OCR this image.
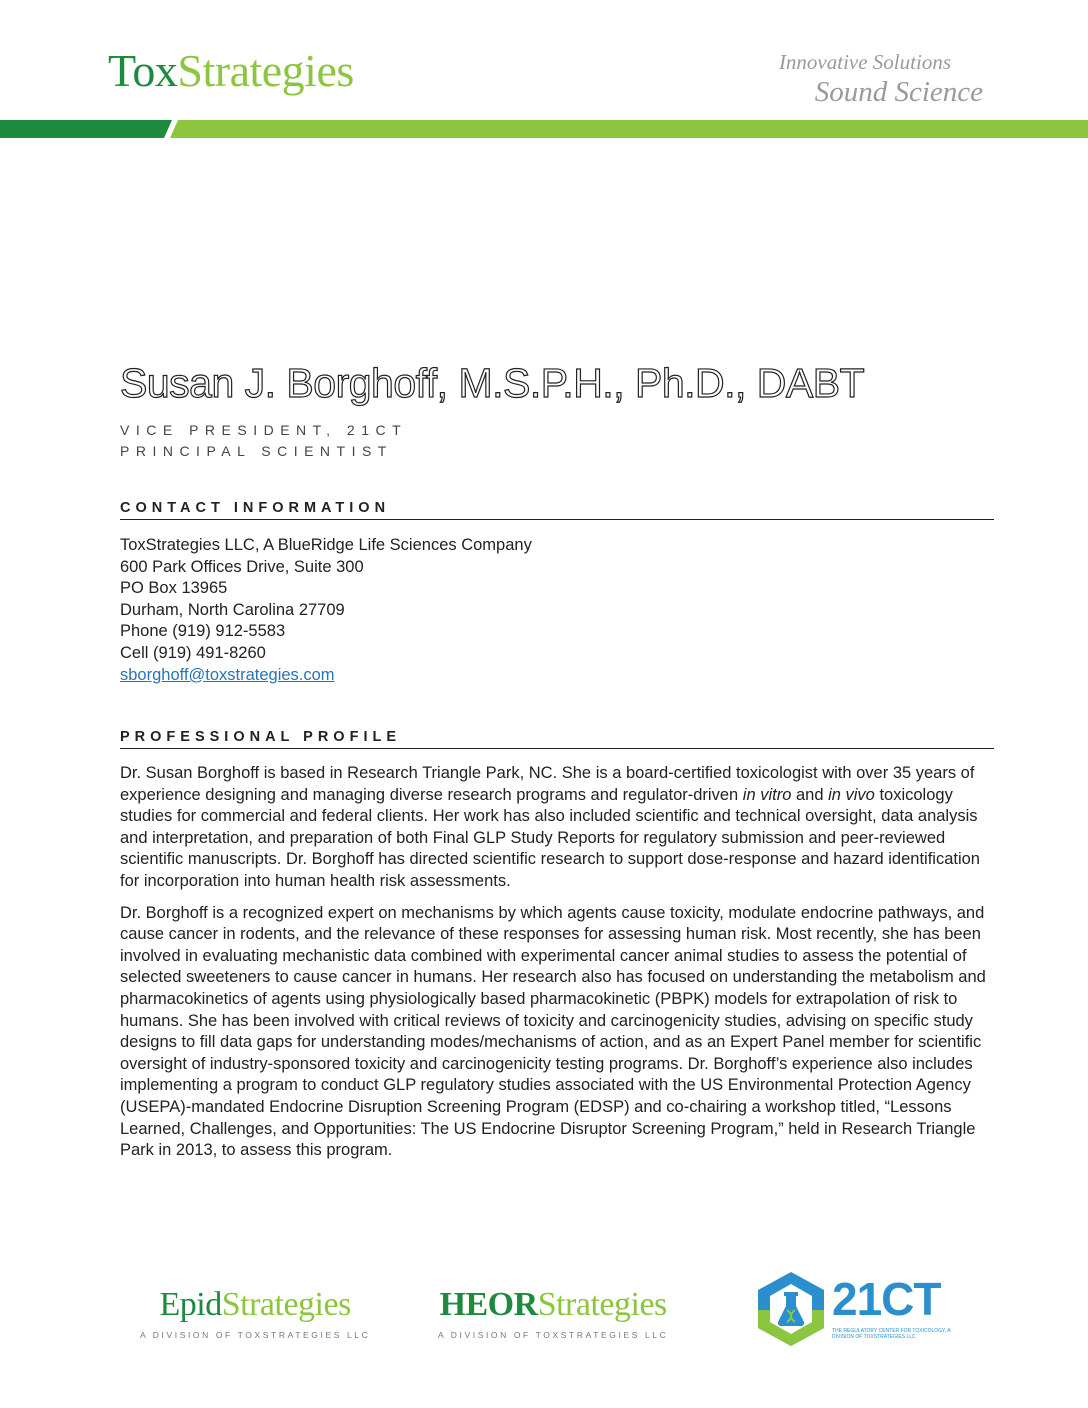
ToxStrategies	Innovative Solutions
Sound Science
Susan J. Borghoff, M.S.P.H., Ph.D., DABT
VICE PRESIDENT, 21CT
PRINCIPAL SCIENTIST
CONTACT INFORMATION
ToxStrategies LLC, A BlueRidge Life Sciences Company
600 Park Offices Drive, Suite 300
PO Box 13965
Durham, North Carolina 27709
Phone (919) 912-5583
Cell (919) 491-8260
sborghoff@toxstrategies.com
PROFESSIONAL PROFILE

Dr. Susan Borghoff is based in Research Triangle Park, NC. She is a board-certified toxicologist with over 35 years of experience designing and managing diverse research programs and regulator-driven in vitro and in vivo toxicology studies for commercial and federal clients. Her work has also included scientific and technical oversight, data analysis and interpretation, and preparation of both Final GLP Study Reports for regulatory submission and peer-reviewed scientific manuscripts. Dr. Borghoff has directed scientific research to support dose-response and hazard identification for incorporation into human health risk assessments.

Dr. Borghoff is a recognized expert on mechanisms by which agents cause toxicity, modulate endocrine pathways, and cause cancer in rodents, and the relevance of these responses for assessing human risk. Most recently, she has been involved in evaluating mechanistic data combined with experimental cancer animal studies to assess the potential of selected sweeteners to cause cancer in humans. Her research also has focused on understanding the metabolism and pharmacokinetics of agents using physiologically based pharmacokinetic (PBPK) models for extrapolation of risk to humans. She has been involved with critical reviews of toxicity and carcinogenicity studies, advising on specific study designs to fill data gaps for understanding modes/mechanisms of action, and as an Expert Panel member for scientific oversight of industry-sponsored toxicity and carcinogenicity testing programs. Dr. Borghoff’s experience also includes implementing a program to conduct GLP regulatory studies associated with the US Environmental Protection Agency (USEPA)-mandated Endocrine Disruption Screening Program (EDSP) and co-chairing a workshop titled, “Lessons Learned, Challenges, and Opportunities: The US Endocrine Disruptor Screening Program,” held in Research Triangle Park in 2013, to assess this program.

EpidStrategies
A DIVISION OF TOXSTRATEGIES LLC
HEORStrategies
A DIVISION OF TOXSTRATEGIES LLC
21CT
THE REGULATORY CENTER FOR TOXICOLOGY, A DIVISION OF TOXSTRATEGIES LLC
